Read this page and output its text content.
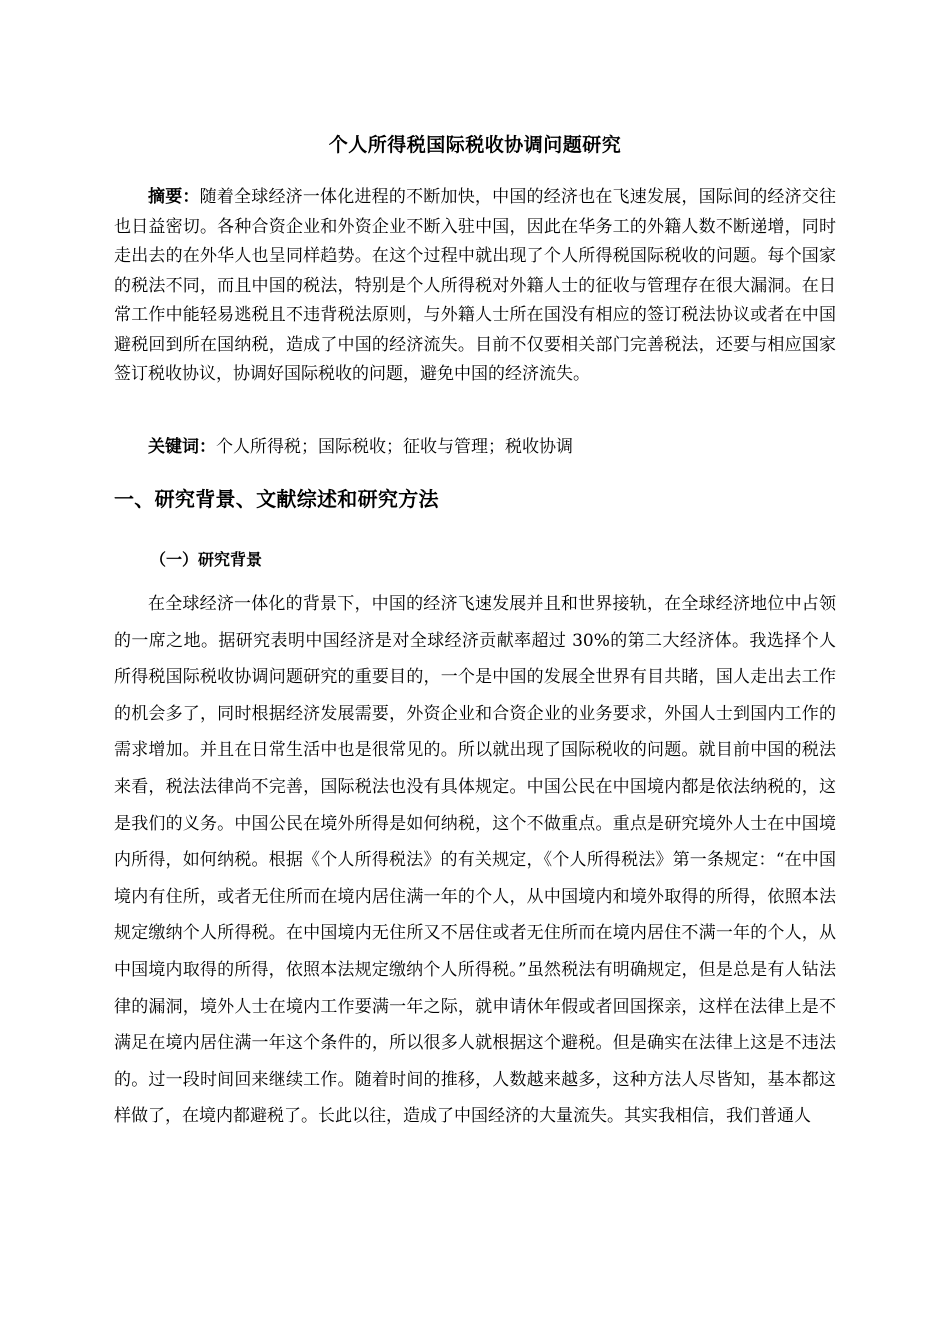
个人所得税国际税收协调问题研究
摘要：随着全球经济一体化进程的不断加快，中国的经济也在飞速发展，国际间的经济交往也日益密切。各种合资企业和外资企业不断入驻中国，因此在华务工的外籍人数不断递增，同时走出去的在外华人也呈同样趋势。在这个过程中就出现了个人所得税国际税收的问题。每个国家的税法不同，而且中国的税法，特别是个人所得税对外籍人士的征收与管理存在很大漏洞。在日常工作中能轻易逃税且不违背税法原则，与外籍人士所在国没有相应的签订税法协议或者在中国避税回到所在国纳税，造成了中国的经济流失。目前不仅要相关部门完善税法，还要与相应国家签订税收协议，协调好国际税收的问题，避免中国的经济流失。
关键词：个人所得税；国际税收；征收与管理；税收协调
一、研究背景、文献综述和研究方法
（一）研究背景
在全球经济一体化的背景下，中国的经济飞速发展并且和世界接轨，在全球经济地位中占领的一席之地。据研究表明中国经济是对全球经济贡献率超过 30%的第二大经济体。我选择个人所得税国际税收协调问题研究的重要目的，一个是中国的发展全世界有目共睹，国人走出去工作的机会多了，同时根据经济发展需要，外资企业和合资企业的业务要求，外国人士到国内工作的需求增加。并且在日常生活中也是很常见的。所以就出现了国际税收的问题。就目前中国的税法来看，税法法律尚不完善，国际税法也没有具体规定。中国公民在中国境内都是依法纳税的，这是我们的义务。中国公民在境外所得是如何纳税，这个不做重点。重点是研究境外人士在中国境内所得，如何纳税。根据《个人所得税法》的有关规定，《个人所得税法》第一条规定：“在中国境内有住所，或者无住所而在境内居住满一年的个人，从中国境内和境外取得的所得，依照本法规定缴纳个人所得税。在中国境内无住所又不居住或者无住所而在境内居住不满一年的个人，从中国境内取得的所得，依照本法规定缴纳个人所得税。”虽然税法有明确规定，但是总是有人钻法律的漏洞，境外人士在境内工作要满一年之际，就申请休年假或者回国探亲，这样在法律上是不满足在境内居住满一年这个条件的，所以很多人就根据这个避税。但是确实在法律上这是不违法的。过一段时间回来继续工作。随着时间的推移，人数越来越多，这种方法人尽皆知，基本都这样做了，在境内都避税了。长此以往，造成了中国经济的大量流失。其实我相信，我们普通人
